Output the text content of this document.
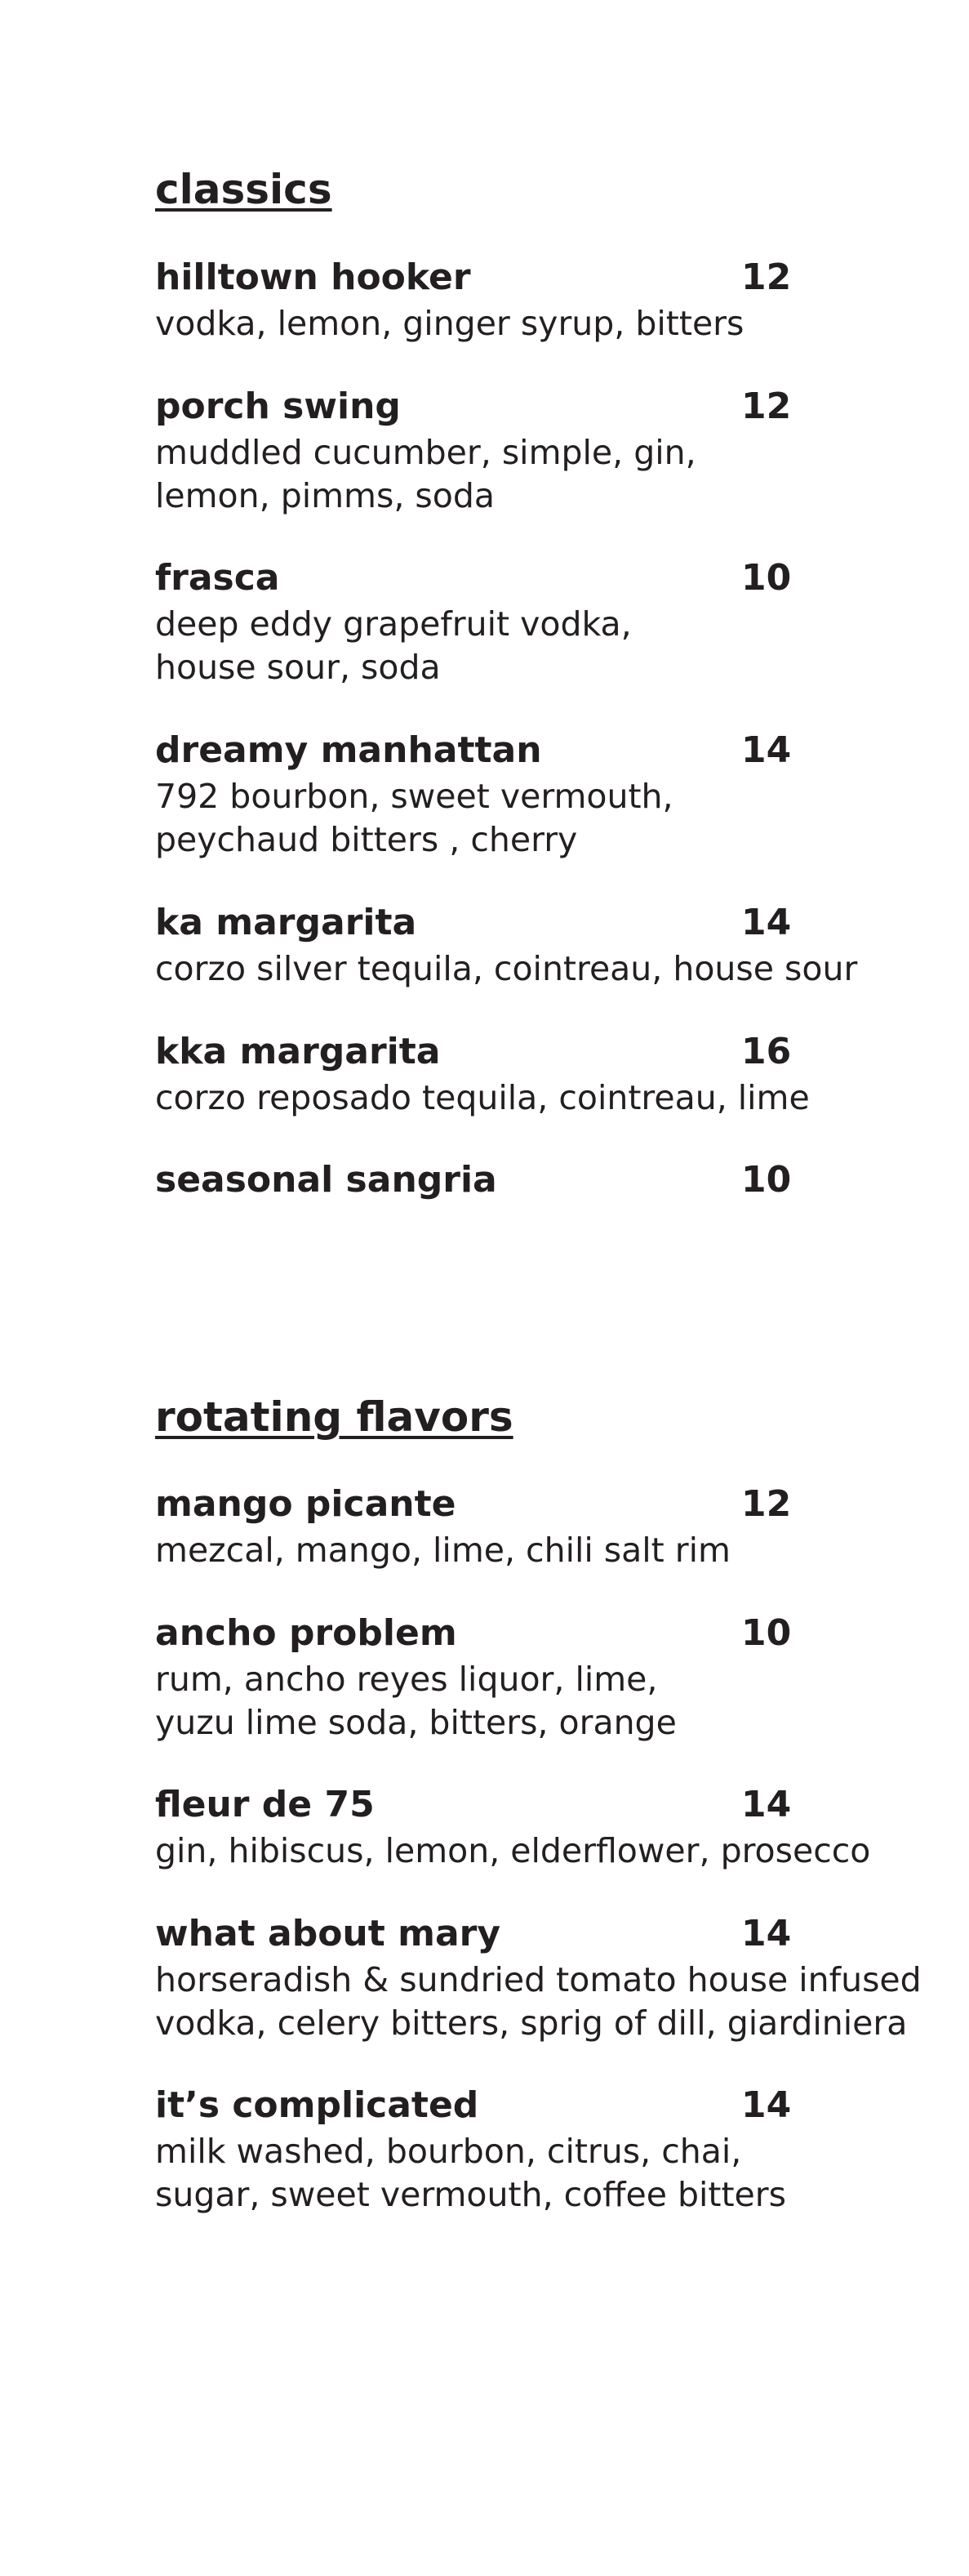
classics
hilltown hooker	12
vodka, lemon, ginger syrup, bitters
porch swing	12
muddled cucumber, simple, gin,
lemon, pimms, soda
frasca	10
deep eddy grapefruit vodka,
house sour, soda
dreamy manhattan	14
792 bourbon, sweet vermouth,
peychaud bitters , cherry
ka margarita	14
corzo silver tequila, cointreau, house sour
kka margarita	16
corzo reposado tequila, cointreau, lime
seasonal sangria	10
rotating flavors
mango picante	12
mezcal, mango, lime, chili salt rim
ancho problem	10
rum, ancho reyes liquor, lime,
yuzu lime soda, bitters, orange
fleur de 75	14
gin, hibiscus, lemon, elderflower, prosecco
what about mary	14
horseradish & sundried tomato house infused
vodka, celery bitters, sprig of dill, giardiniera
it’s complicated	14
milk washed, bourbon, citrus, chai,
sugar, sweet vermouth, coffee bitters
